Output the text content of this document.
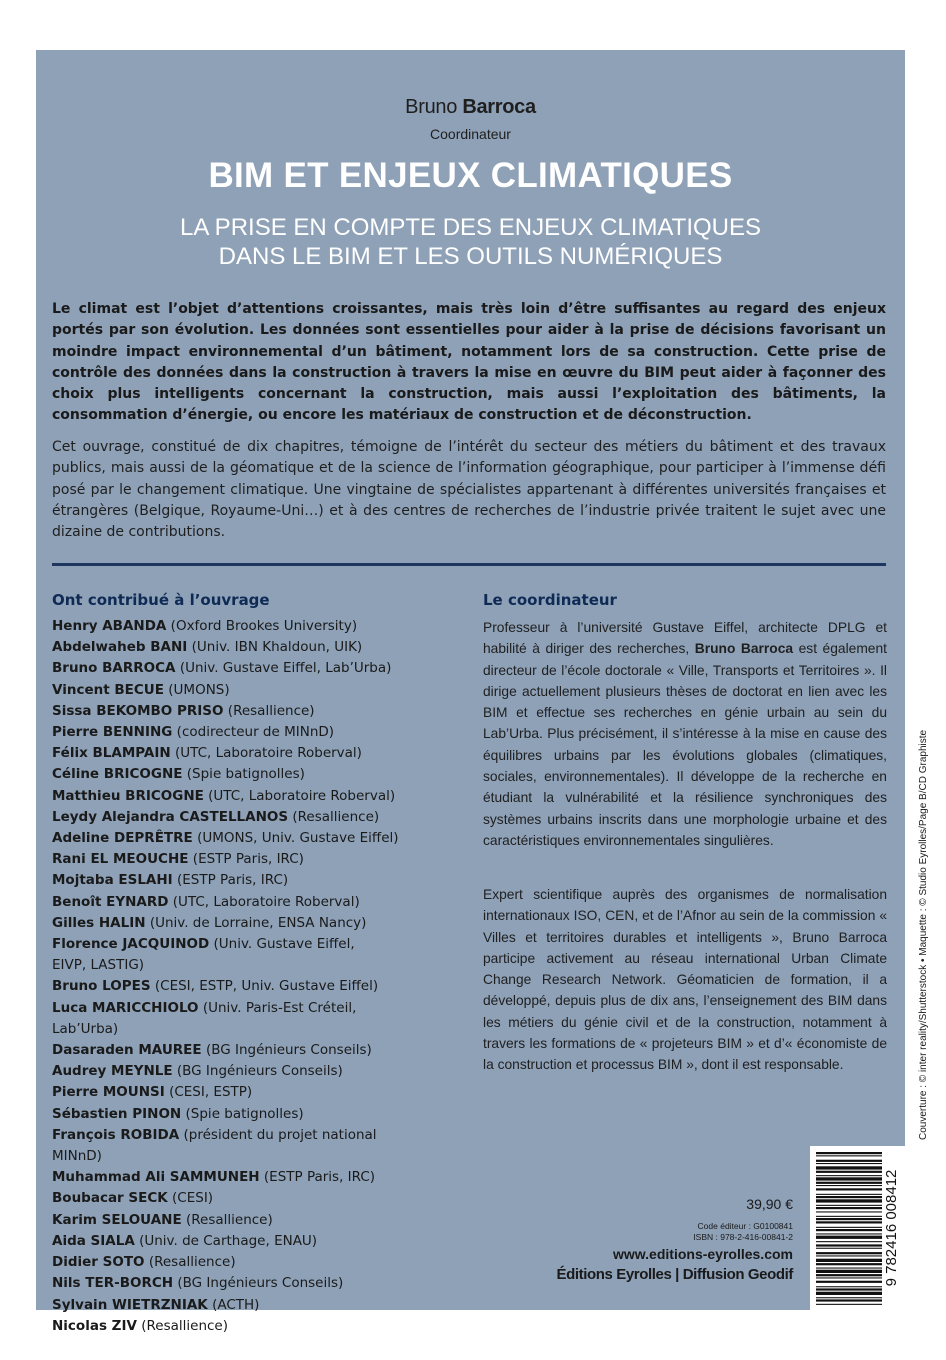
Bruno Barroca
Coordinateur
BIM ET ENJEUX CLIMATIQUES
LA PRISE EN COMPTE DES ENJEUX CLIMATIQUES
DANS LE BIM ET LES OUTILS NUMÉRIQUES

Le climat est l’objet d’attentions croissantes, mais très loin d’être suffisantes au regard des enjeux portés par son évolution. Les données sont essentielles pour aider à la prise de décisions favorisant un moindre impact environnemental d’un bâtiment, notamment lors de sa construction. Cette prise de contrôle des données dans la construction à travers la mise en œuvre du BIM peut aider à façonner des choix plus intelligents concernant la construction, mais aussi l’exploitation des bâtiments, la consommation d’énergie, ou encore les matériaux de construction et de déconstruction.

Cet ouvrage, constitué de dix chapitres, témoigne de l’intérêt du secteur des métiers du bâtiment et des travaux publics, mais aussi de la géomatique et de la science de l’information géographique, pour participer à l’immense défi posé par le changement climatique. Une vingtaine de spécialistes appartenant à différentes universités françaises et étrangères (Belgique, Royaume-Uni…) et à des centres de recherches de l’industrie privée traitent le sujet avec une dizaine de contributions.

Ont contribué à l’ouvrage
Henry ABANDA (Oxford Brookes University)
Abdelwaheb BANI (Univ. IBN Khaldoun, UIK)
Bruno BARROCA (Univ. Gustave Eiffel, Lab’Urba)
Vincent BECUE (UMONS)
Sissa BEKOMBO PRISO (Resallience)
Pierre BENNING (codirecteur de MINnD)
Félix BLAMPAIN (UTC, Laboratoire Roberval)
Céline BRICOGNE (Spie batignolles)
Matthieu BRICOGNE (UTC, Laboratoire Roberval)
Leydy Alejandra CASTELLANOS (Resallience)
Adeline DEPRÊTRE (UMONS, Univ. Gustave Eiffel)
Rani EL MEOUCHE (ESTP Paris, IRC)
Mojtaba ESLAHI (ESTP Paris, IRC)
Benoît EYNARD (UTC, Laboratoire Roberval)
Gilles HALIN (Univ. de Lorraine, ENSA Nancy)
Florence JACQUINOD (Univ. Gustave Eiffel, EIVP, LASTIG)
Bruno LOPES (CESI, ESTP, Univ. Gustave Eiffel)
Luca MARICCHIOLO (Univ. Paris-Est Créteil, Lab’Urba)
Dasaraden MAUREE (BG Ingénieurs Conseils)
Audrey MEYNLE (BG Ingénieurs Conseils)
Pierre MOUNSI (CESI, ESTP)
Sébastien PINON (Spie batignolles)
François ROBIDA (président du projet national MINnD)
Muhammad Ali SAMMUNEH (ESTP Paris, IRC)
Boubacar SECK (CESI)
Karim SELOUANE (Resallience)
Aida SIALA (Univ. de Carthage, ENAU)
Didier SOTO (Resallience)
Nils TER-BORCH (BG Ingénieurs Conseils)
Sylvain WIETRZNIAK (ACTH)
Nicolas ZIV (Resallience)
Le coordinateur

Professeur à l’université Gustave Eiffel, architecte DPLG et habilité à diriger des recherches, Bruno Barroca est également directeur de l’école doctorale « Ville, Transports et Territoires ». Il dirige actuellement plusieurs thèses de doctorat en lien avec les BIM et effectue ses recherches en génie urbain au sein du Lab’Urba. Plus précisément, il s’intéresse à la mise en cause des équilibres urbains par les évolutions globales (climatiques, sociales, environnementales). Il développe de la recherche en étudiant la vulnérabilité et la résilience synchroniques des systèmes urbains inscrits dans une morphologie urbaine et des caractéristiques environnementales singulières.

Expert scientifique auprès des organismes de normalisation internationaux ISO, CEN, et de l’Afnor au sein de la commission « Villes et territoires durables et intelligents », Bruno Barroca participe activement au réseau international Urban Climate Change Research Network. Géomaticien de formation, il a développé, depuis plus de dix ans, l’enseignement des BIM dans les métiers du génie civil et de la construction, notamment à travers les formations de « projeteurs BIM » et d’« économiste de la construction et processus BIM », dont il est responsable.

39,90 €
Code éditeur : G0100841
ISBN : 978-2-416-00841-2
www.editions-eyrolles.com
Éditions Eyrolles | Diffusion Geodif	9 782416 008412
Couverture : © inter reality/Shutterstock • Maquette : © Studio Eyrolles/Page B/CD Graphiste
